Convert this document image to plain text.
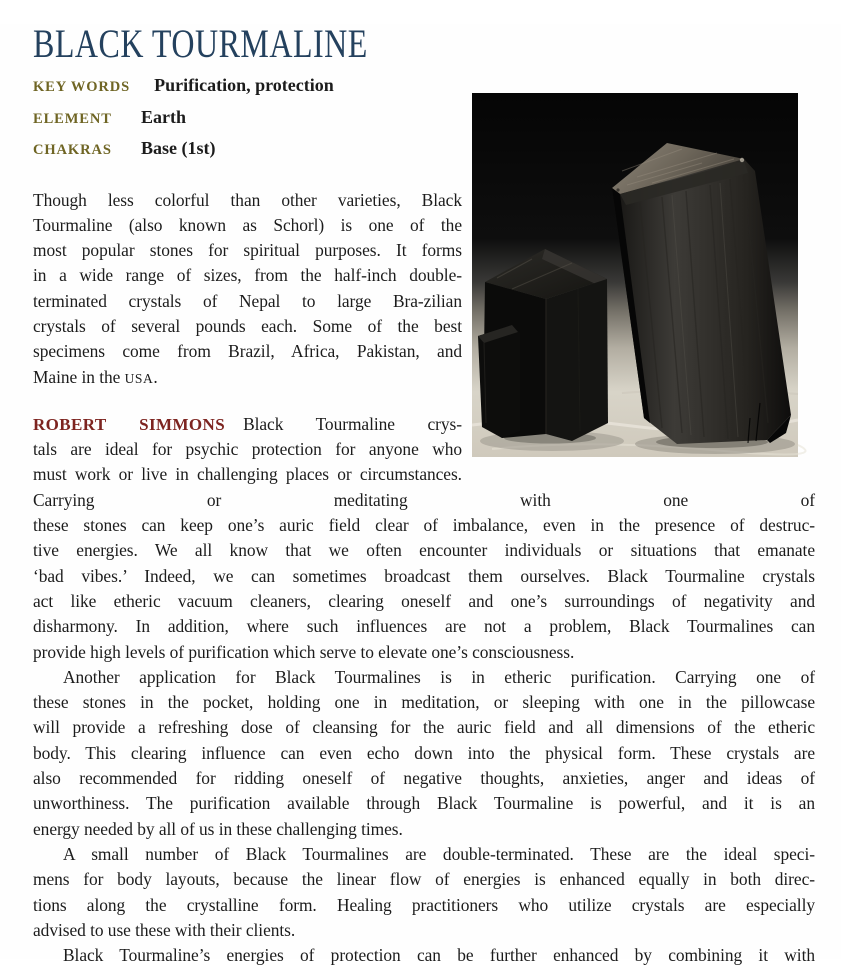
BLACK TOURMALINE
KEY WORDS Purification, protection
ELEMENT Earth
CHAKRAS Base (1st)
Though less colorful than other varieties, Black
Tourmaline (also known as Schorl) is one of the
most popular stones for spiritual purposes. It forms
in a wide range of sizes, from the half-inch double-
terminated crystals of Nepal to large Bra-zilian
crystals of several pounds each. Some of the best
specimens come from Brazil, Africa, Pakistan, and
Maine in the USA.
ROBERT SIMMONS Black Tourmaline crys-
tals are ideal for psychic protection for anyone who
must work or live in challenging places or circumstances. Carrying or meditating with one of
these stones can keep one’s auric field clear of imbalance, even in the presence of destruc-
tive energies. We all know that we often encounter individuals or situations that emanate
‘bad vibes.’ Indeed, we can sometimes broadcast them ourselves. Black Tourmaline crystals
act like etheric vacuum cleaners, clearing oneself and one’s surroundings of negativity and
disharmony. In addition, where such influences are not a problem, Black Tourmalines can
provide high levels of purification which serve to elevate one’s consciousness.
Another application for Black Tourmalines is in etheric purification. Carrying one of
these stones in the pocket, holding one in meditation, or sleeping with one in the pillowcase
will provide a refreshing dose of cleansing for the auric field and all dimensions of the etheric
body. This clearing influence can even echo down into the physical form. These crystals are
also recommended for ridding oneself of negative thoughts, anxieties, anger and ideas of
unworthiness. The purification available through Black Tourmaline is powerful, and it is an
energy needed by all of us in these challenging times.
A small number of Black Tourmalines are double-terminated. These are the ideal speci-
mens for body layouts, because the linear flow of energies is enhanced equally in both direc-
tions along the crystalline form. Healing practitioners who utilize crystals are especially
advised to use these with their clients.
Black Tourmaline’s energies of protection can be further enhanced by combining it with
